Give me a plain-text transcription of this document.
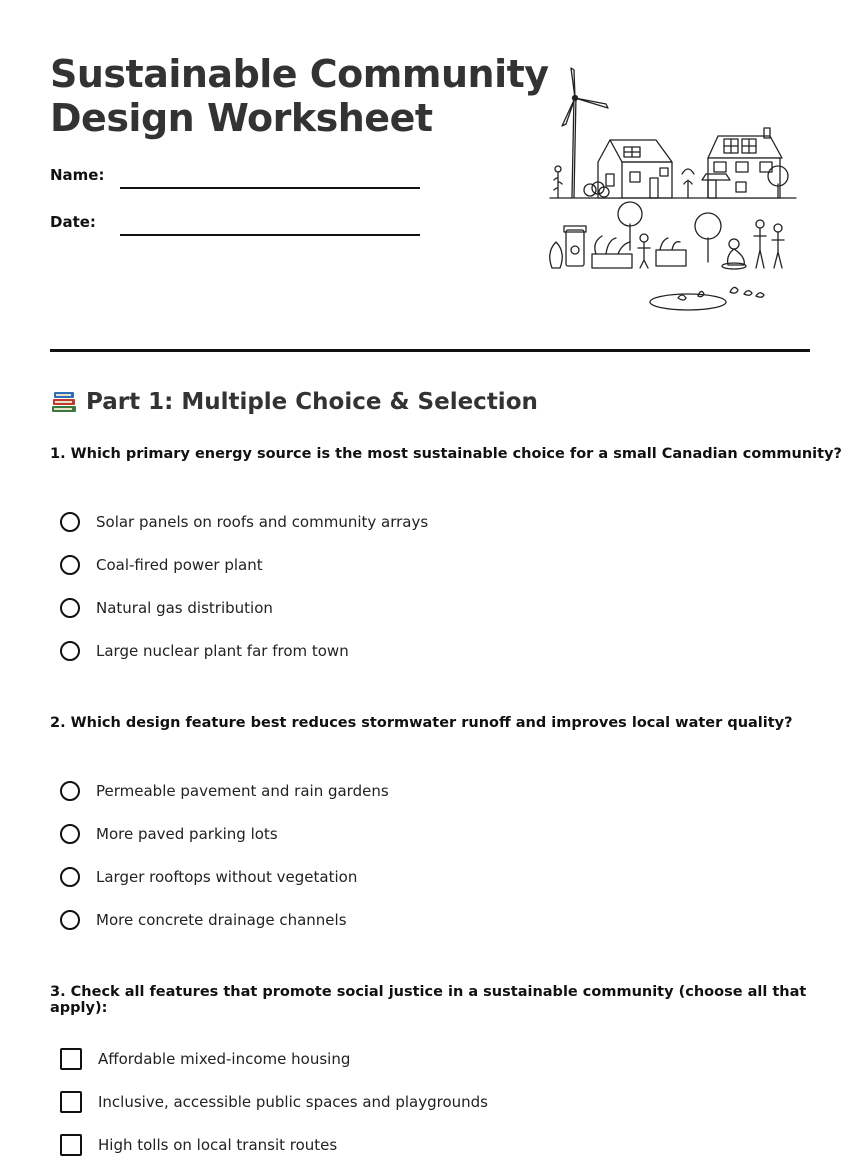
Sustainable Community
Design Worksheet
Name:
Date:
Part 1: Multiple Choice & Selection
1. Which primary energy source is the most sustainable choice for a small Canadian community?
Solar panels on roofs and community arrays
Coal-fired power plant
Natural gas distribution
Large nuclear plant far from town
2. Which design feature best reduces stormwater runoff and improves local water quality?
Permeable pavement and rain gardens
More paved parking lots
Larger rooftops without vegetation
More concrete drainage channels
3. Check all features that promote social justice in a sustainable community (choose all that apply):
Affordable mixed-income housing
Inclusive, accessible public spaces and playgrounds
High tolls on local transit routes
